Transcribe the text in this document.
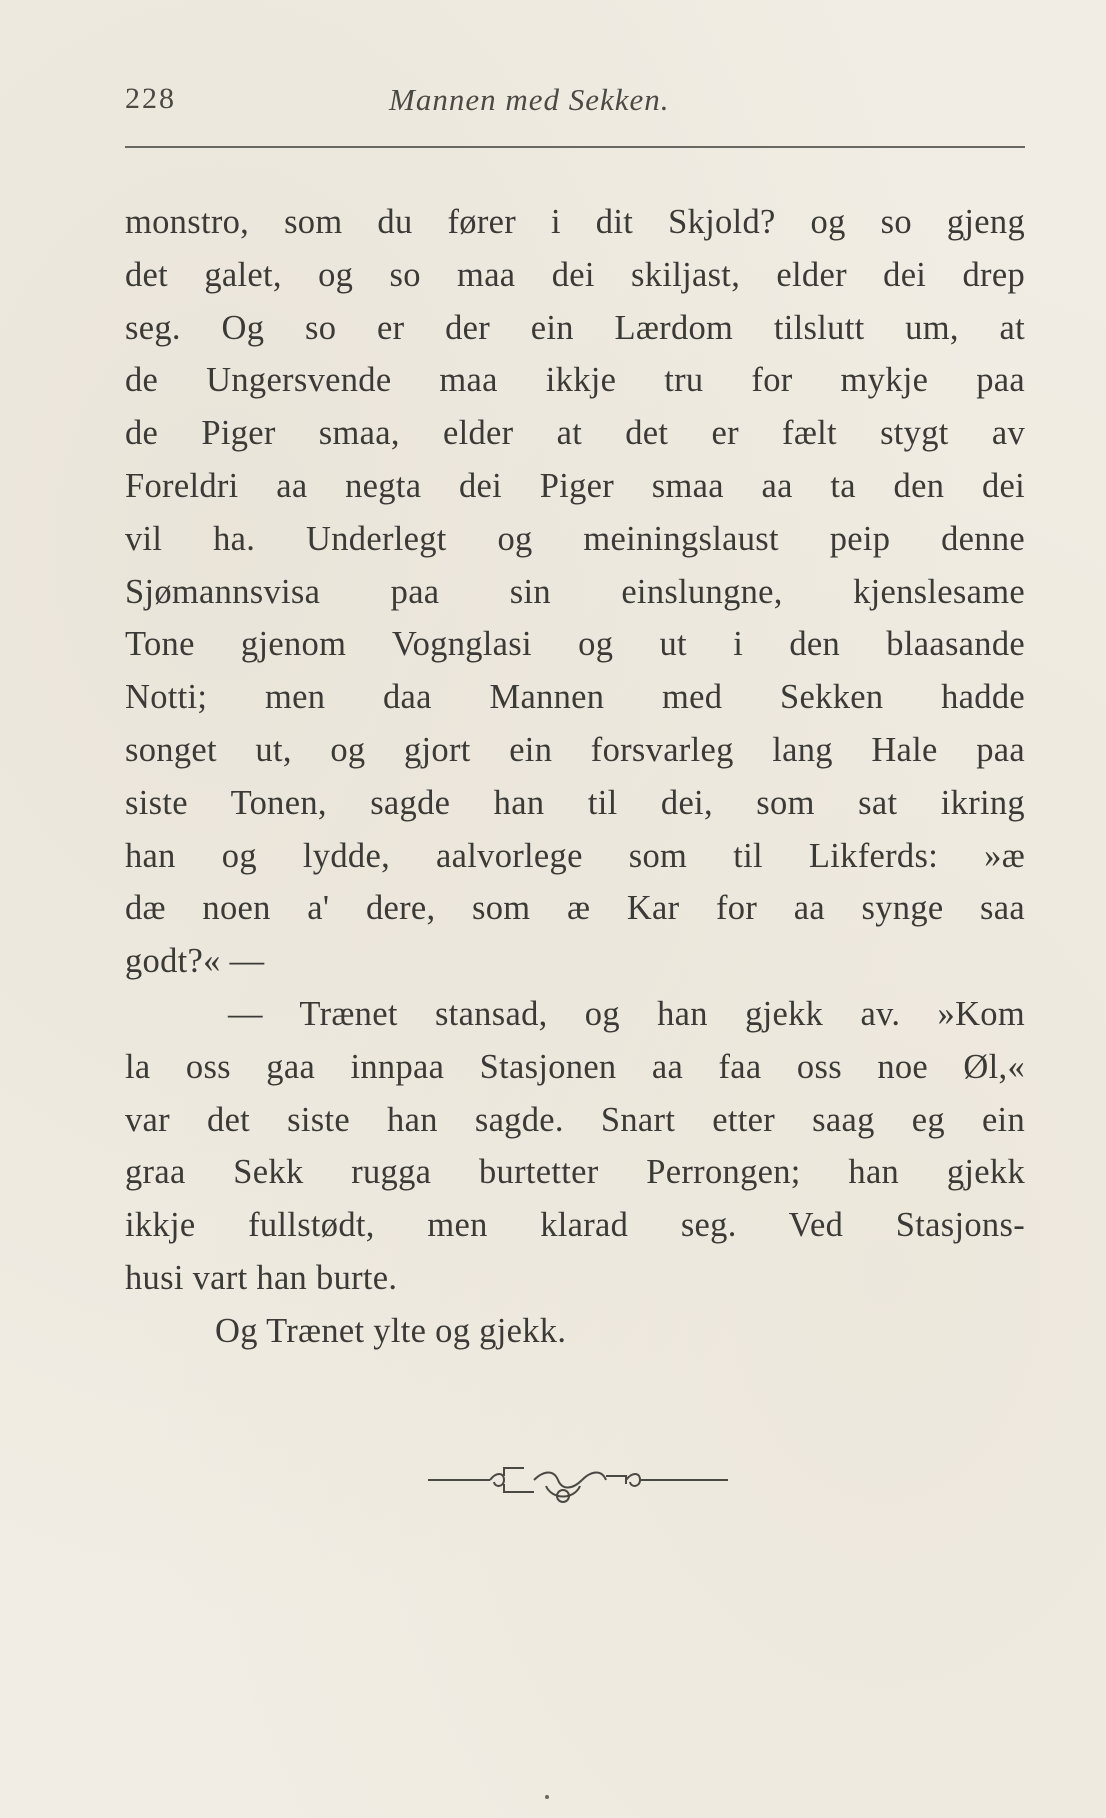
228	Mannen med Sekken.
monstro, som du fører i dit Skjold? og so gjeng
det galet, og so maa dei skiljast, elder dei drep
seg. Og so er der ein Lærdom tilslutt um, at
de Ungersvende maa ikkje tru for mykje paa
de Piger smaa, elder at det er fælt stygt av
Foreldri aa negta dei Piger smaa aa ta den dei
vil ha. Underlegt og meiningslaust peip denne
Sjømannsvisa paa sin einslungne, kjenslesame
Tone gjenom Vognglasi og ut i den blaasande
Notti; men daa Mannen med Sekken hadde
songet ut, og gjort ein forsvarleg lang Hale paa
siste Tonen, sagde han til dei, som sat ikring
han og lydde, aalvorlege som til Likferds: »æ
dæ noen a' dere, som æ Kar for aa synge saa
godt?« —
— Trænet stansad, og han gjekk av. »Kom
la oss gaa innpaa Stasjonen aa faa oss noe Øl,«
var det siste han sagde. Snart etter saag eg ein
graa Sekk rugga burtetter Perrongen; han gjekk
ikkje fullstødt, men klarad seg. Ved Stasjons-
husi vart han burte.
Og Trænet ylte og gjekk.
